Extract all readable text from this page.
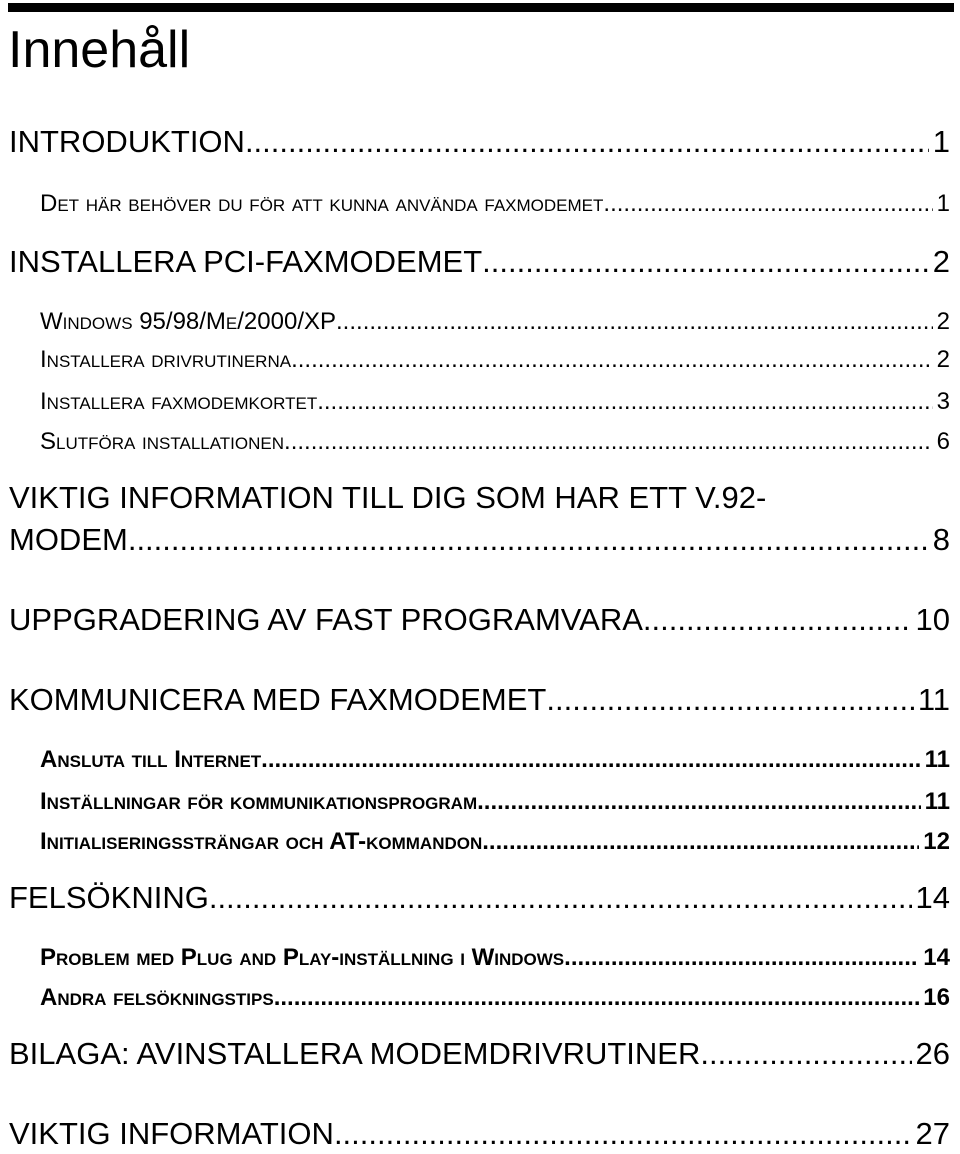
Innehåll
INTRODUKTION .....	1
Det här behöver du för att kunna använda faxmodemet .....	1
INSTALLERA PCI-FAXMODEMET .....	2
Windows 95/98/Me/2000/XP .....	2
Installera drivrutinerna .....	2
Installera faxmodemkortet .....	3
Slutföra installationen .....	6
VIKTIG INFORMATION TILL DIG SOM HAR ETT V.92-
MODEM .....	8
UPPGRADERING AV FAST PROGRAMVARA .....	10
KOMMUNICERA MED FAXMODEMET .....	11
Ansluta till Internet .....	11
Inställningar för kommunikationsprogram .....	11
Initialiseringssträngar och AT-kommandon .....	12
FELSÖKNING .....	14
Problem med Plug and Play-inställning i Windows .....	14
Andra felsökningstips .....	16
BILAGA: AVINSTALLERA MODEMDRIVRUTINER .....	26
VIKTIG INFORMATION .....	27
